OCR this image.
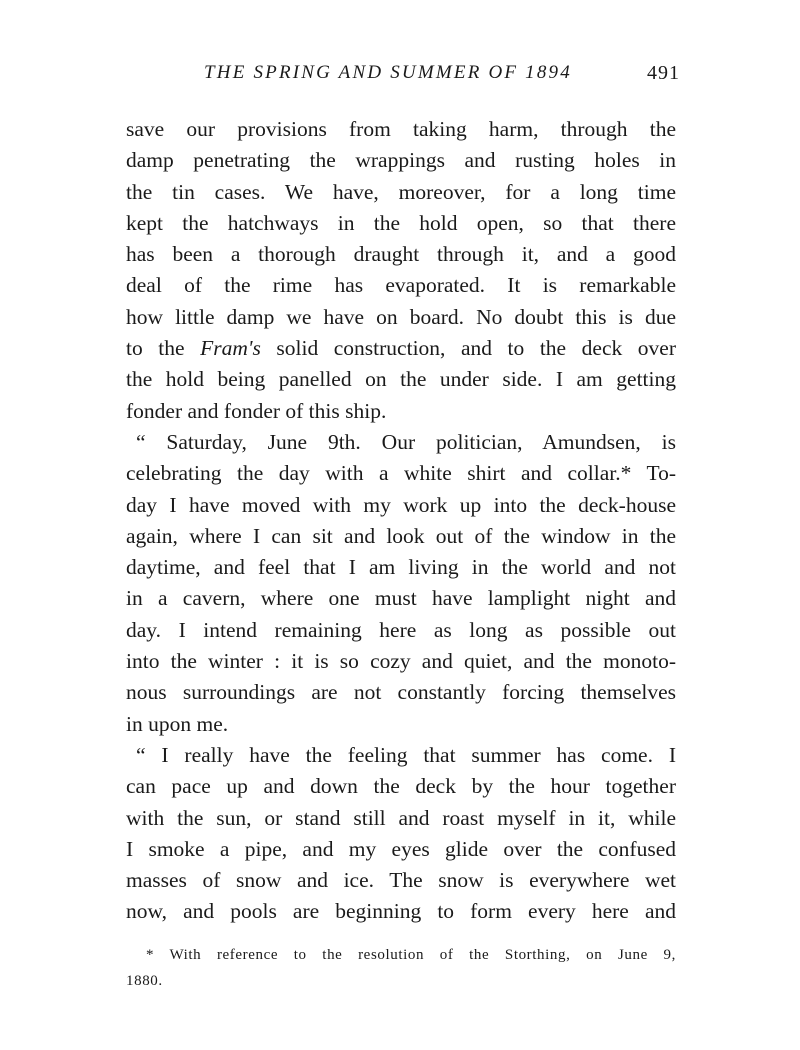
THE SPRING AND SUMMER OF 1894	491
save our provisions from taking harm, through the
damp penetrating the wrappings and rusting holes in
the tin cases. We have, moreover, for a long time
kept the hatchways in the hold open, so that there
has been a thorough draught through it, and a good
deal of the rime has evaporated. It is remarkable
how little damp we have on board. No doubt this is due
to the Fram's solid construction, and to the deck over
the hold being panelled on the under side. I am getting
fonder and fonder of this ship.
“ Saturday, June 9th. Our politician, Amundsen, is
celebrating the day with a white shirt and collar.* To-
day I have moved with my work up into the deck-house
again, where I can sit and look out of the window in the
daytime, and feel that I am living in the world and not
in a cavern, where one must have lamplight night and
day. I intend remaining here as long as possible out
into the winter : it is so cozy and quiet, and the monoto-
nous surroundings are not constantly forcing themselves
in upon me.
“ I really have the feeling that summer has come. I
can pace up and down the deck by the hour together
with the sun, or stand still and roast myself in it, while
I smoke a pipe, and my eyes glide over the confused
masses of snow and ice. The snow is everywhere wet
now, and pools are beginning to form every here and
* With reference to the resolution of the Storthing, on June 9,
1880.
